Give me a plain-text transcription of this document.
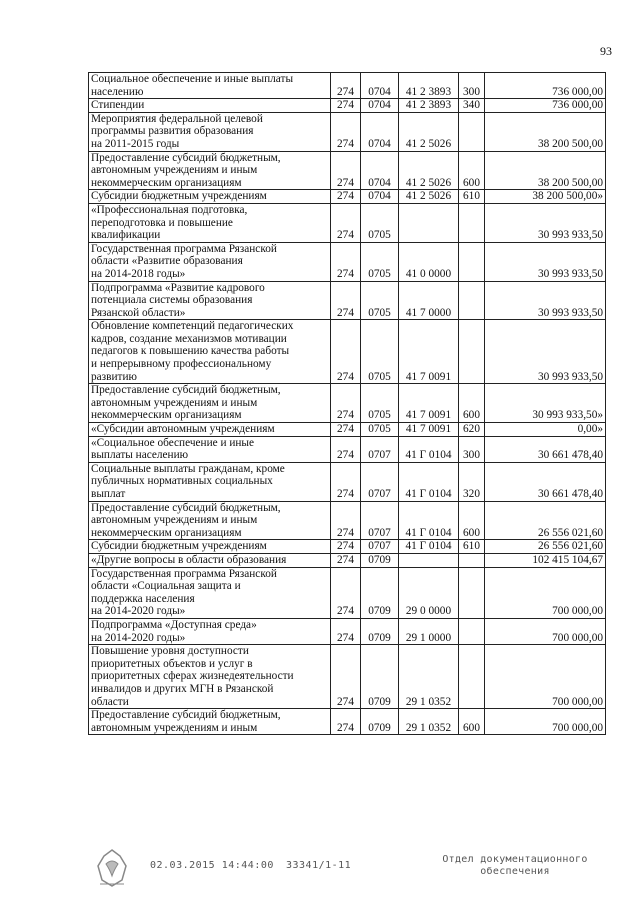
93
Социальное обеспечение и иные выплаты
населению	274	0704	41 2 3893	300	736 000,00
Стипендии	274	0704	41 2 3893	340	736 000,00
Мероприятия федеральной целевой
программы развития образования
на 2011-2015 годы	274	0704	41 2 5026		38 200 500,00
Предоставление субсидий бюджетным,
автономным учреждениям и иным
некоммерческим организациям	274	0704	41 2 5026	600	38 200 500,00
Субсидии бюджетным учреждениям	274	0704	41 2 5026	610	38 200 500,00»
«Профессиональная подготовка,
переподготовка и повышение
квалификации	274	0705			30 993 933,50
Государственная программа Рязанской
области «Развитие образования
на 2014-2018 годы»	274	0705	41 0 0000		30 993 933,50
Подпрограмма «Развитие кадрового
потенциала системы образования
Рязанской области»	274	0705	41 7 0000		30 993 933,50
Обновление компетенций педагогических
кадров, создание механизмов мотивации
педагогов к повышению качества работы
и непрерывному профессиональному
развитию	274	0705	41 7 0091		30 993 933,50
Предоставление субсидий бюджетным,
автономным учреждениям и иным
некоммерческим организациям	274	0705	41 7 0091	600	30 993 933,50»
«Субсидии автономным учреждениям	274	0705	41 7 0091	620	0,00»
«Социальное обеспечение и иные
выплаты населению	274	0707	41 Г 0104	300	30 661 478,40
Социальные выплаты гражданам, кроме
публичных нормативных социальных
выплат	274	0707	41 Г 0104	320	30 661 478,40
Предоставление субсидий бюджетным,
автономным учреждениям и иным
некоммерческим организациям	274	0707	41 Г 0104	600	26 556 021,60
Субсидии бюджетным учреждениям	274	0707	41 Г 0104	610	26 556 021,60
«Другие вопросы в области образования	274	0709			102 415 104,67
Государственная программа Рязанской
области «Социальная защита и
поддержка населения
на 2014-2020 годы»	274	0709	29 0 0000		700 000,00
Подпрограмма «Доступная среда»
на 2014-2020 годы»	274	0709	29 1 0000		700 000,00
Повышение уровня доступности
приоритетных объектов и услуг в
приоритетных сферах жизнедеятельности
инвалидов и других МГН в Рязанской
области	274	0709	29 1 0352		700 000,00
Предоставление субсидий бюджетным,
автономным учреждениям и иным	274	0709	29 1 0352	600	700 000,00
02.03.2015 14:44:00 33341/1-11
Отдел документационного
обеспечения
